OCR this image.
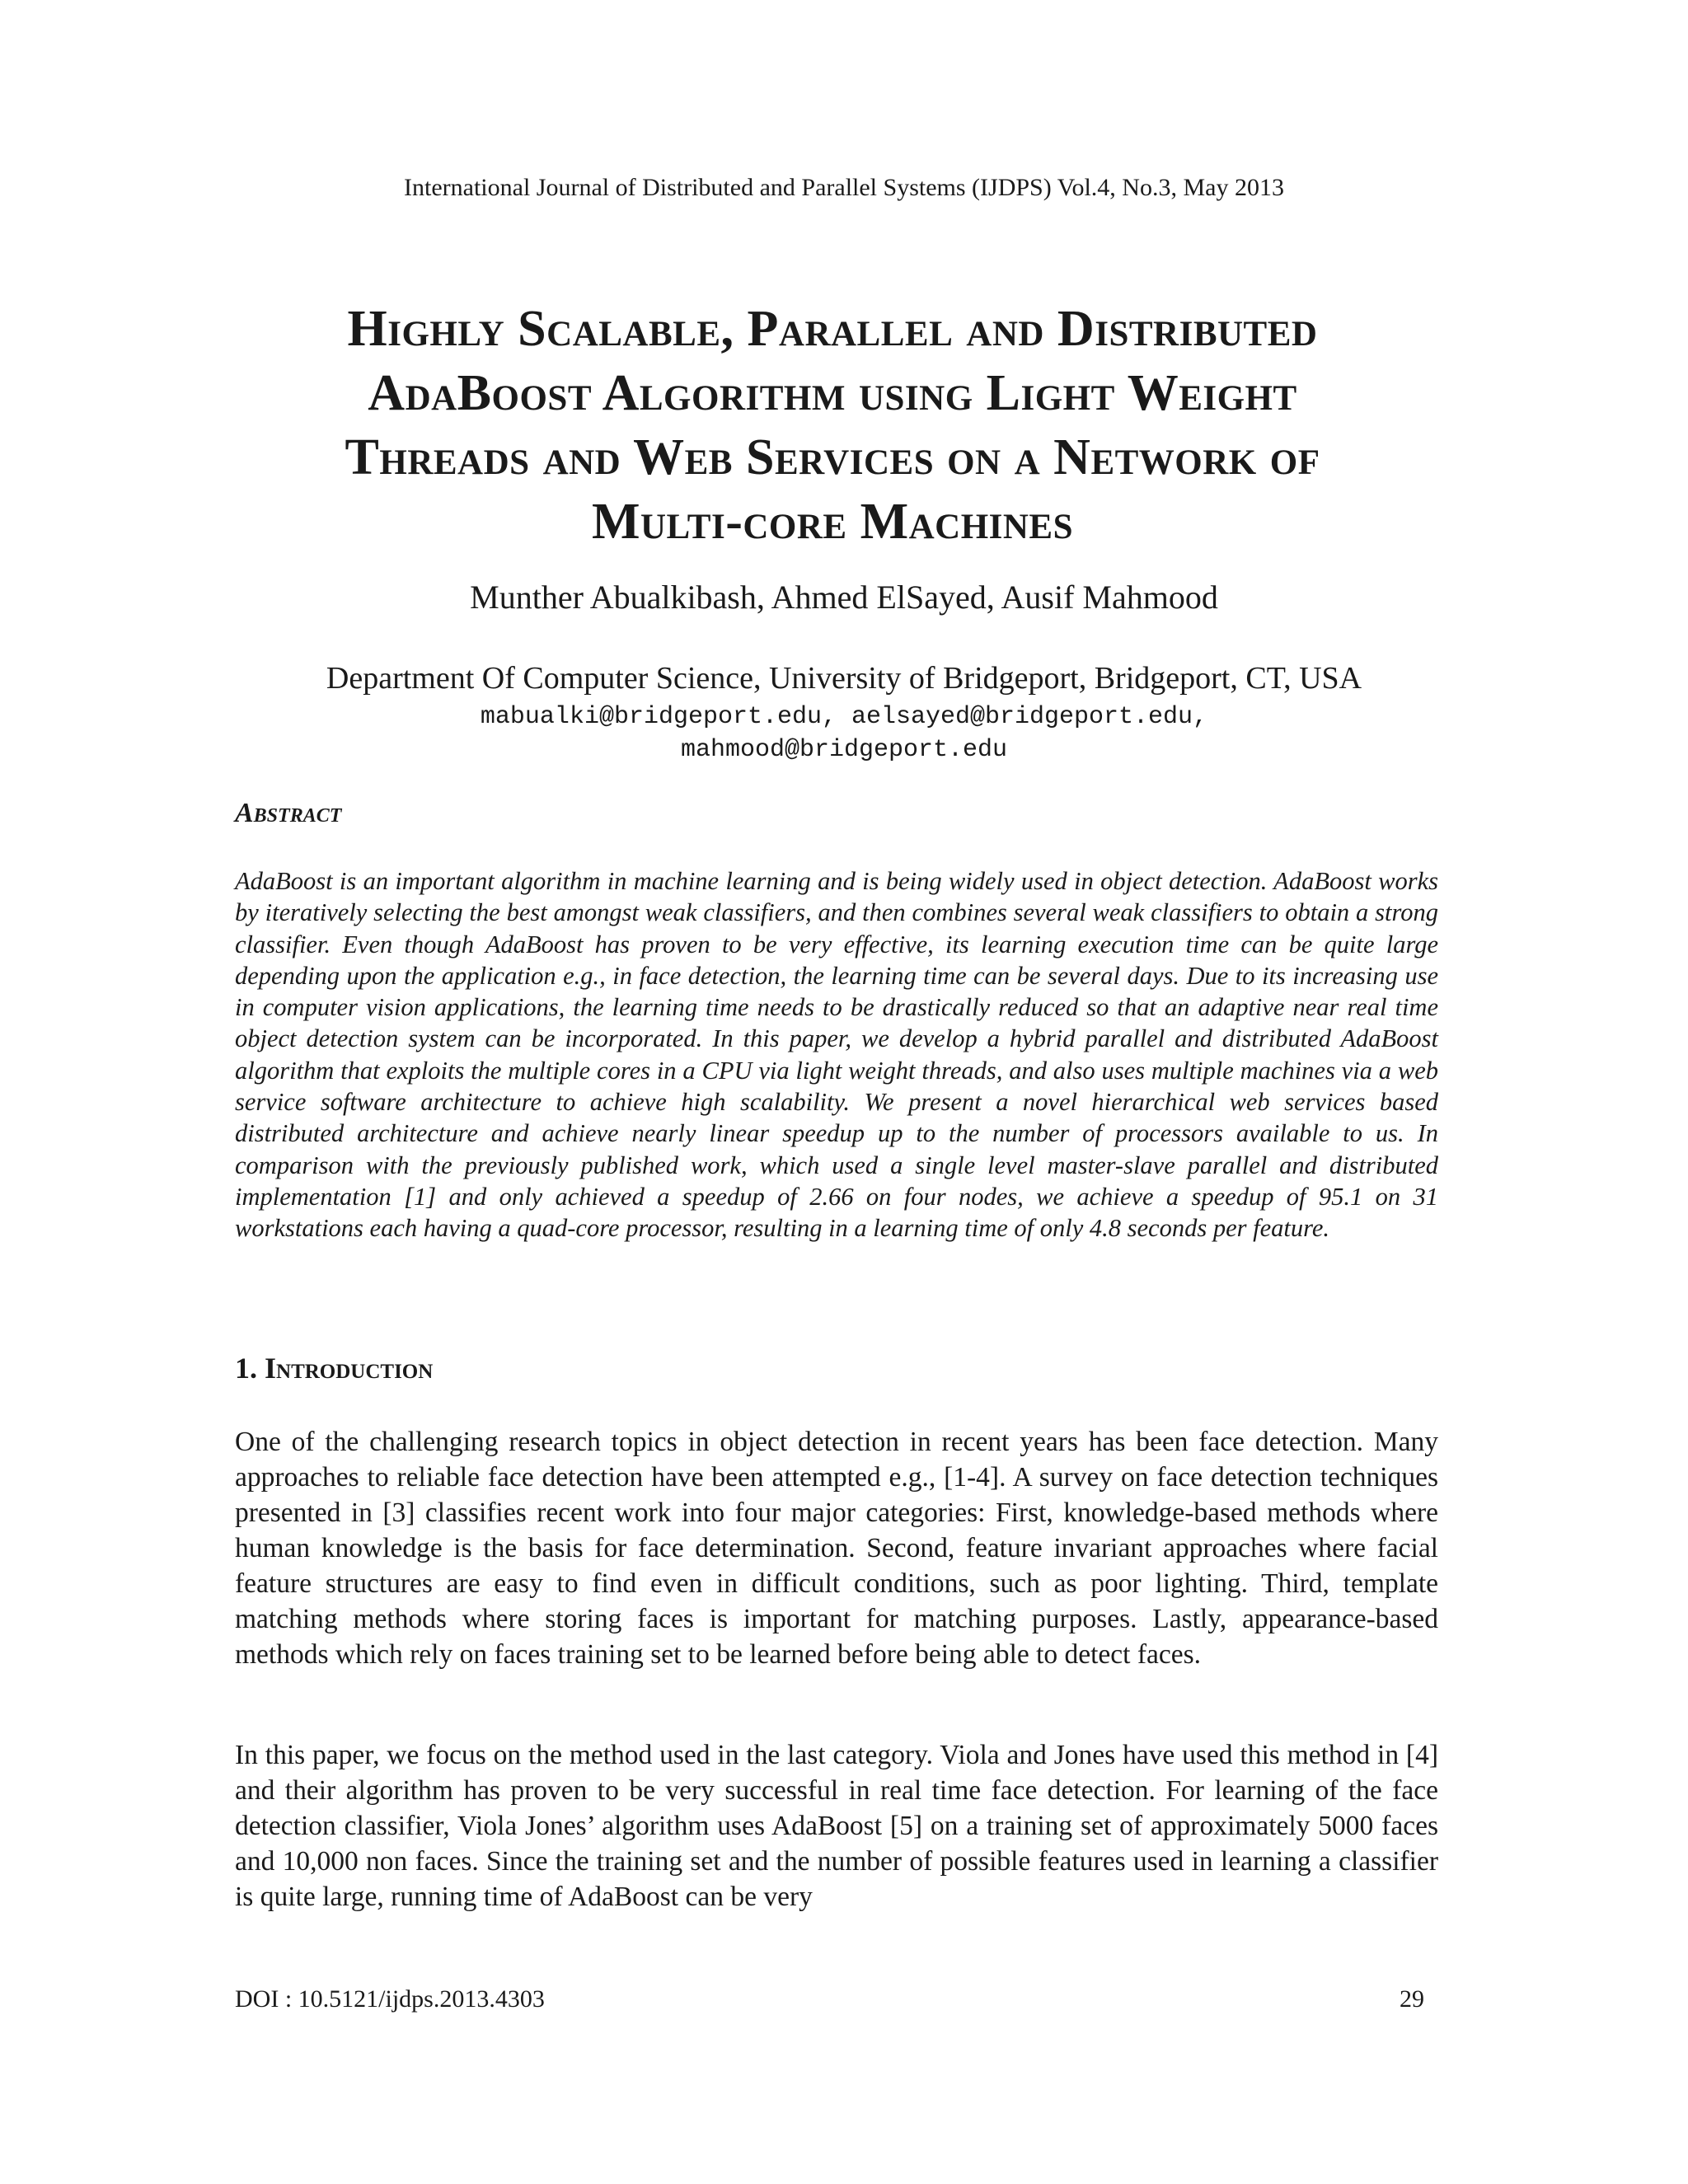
International Journal of Distributed and Parallel Systems (IJDPS) Vol.4, No.3, May 2013
Highly Scalable, Parallel and Distributed
AdaBoost Algorithm using Light Weight
Threads and Web Services on a Network of
Multi-core Machines
Munther Abualkibash, Ahmed ElSayed, Ausif Mahmood
Department Of Computer Science, University of Bridgeport, Bridgeport, CT, USA
mabualki@bridgeport.edu, aelsayed@bridgeport.edu,
mahmood@bridgeport.edu
Abstract

AdaBoost is an important algorithm in machine learning and is being widely used in object detection. AdaBoost works by iteratively selecting the best amongst weak classifiers, and then combines several weak classifiers to obtain a strong classifier. Even though AdaBoost has proven to be very effective, its learning execution time can be quite large depending upon the application e.g., in face detection, the learning time can be several days. Due to its increasing use in computer vision applications, the learning time needs to be drastically reduced so that an adaptive near real time object detection system can be incorporated. In this paper, we develop a hybrid parallel and distributed AdaBoost algorithm that exploits the multiple cores in a CPU via light weight threads, and also uses multiple machines via a web service software architecture to achieve high scalability. We present a novel hierarchical web services based distributed architecture and achieve nearly linear speedup up to the number of processors available to us. In comparison with the previously published work, which used a single level master-slave parallel and distributed implementation [1] and only achieved a speedup of 2.66 on four nodes, we achieve a speedup of 95.1 on 31 workstations each having a quad-core processor, resulting in a learning time of only 4.8 seconds per feature.

1. Introduction

One of the challenging research topics in object detection in recent years has been face detection. Many approaches to reliable face detection have been attempted e.g., [1-4]. A survey on face detection techniques presented in [3] classifies recent work into four major categories: First, knowledge-based methods where human knowledge is the basis for face determination. Second, feature invariant approaches where facial feature structures are easy to find even in difficult conditions, such as poor lighting. Third, template matching methods where storing faces is important for matching purposes. Lastly, appearance-based methods which rely on faces training set to be learned before being able to detect faces.

In this paper, we focus on the method used in the last category. Viola and Jones have used this method in [4] and their algorithm has proven to be very successful in real time face detection. For learning of the face detection classifier, Viola Jones’ algorithm uses AdaBoost [5] on a training set of approximately 5000 faces and 10,000 non faces. Since the training set and the number of possible features used in learning a classifier is quite large, running time of AdaBoost can be very

DOI : 10.5121/ijdps.2013.4303	29
